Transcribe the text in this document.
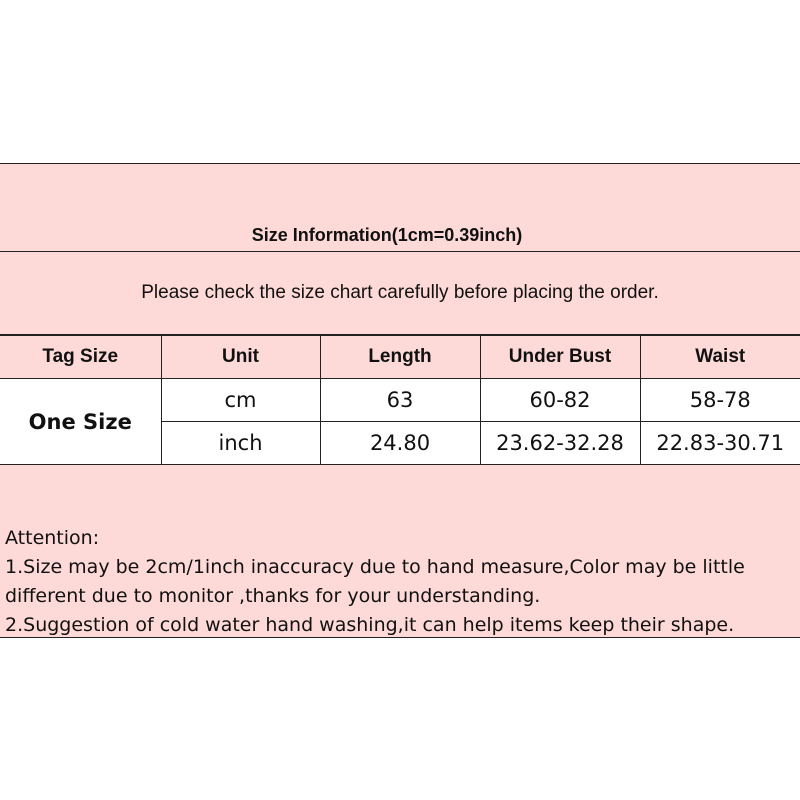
Size Information(1cm=0.39inch)
Please check the size chart carefully before placing the order.
Tag Size	Unit	Length	Under Bust	Waist
One Size	cm	63	60-82	58-78
	inch	24.80	23.62-32.28	22.83-30.71
Attention:
1.Size may be 2cm/1inch inaccuracy due to hand measure,Color may be little
different due to monitor ,thanks for your understanding.
2.Suggestion of cold water hand washing,it can help items keep their shape.
